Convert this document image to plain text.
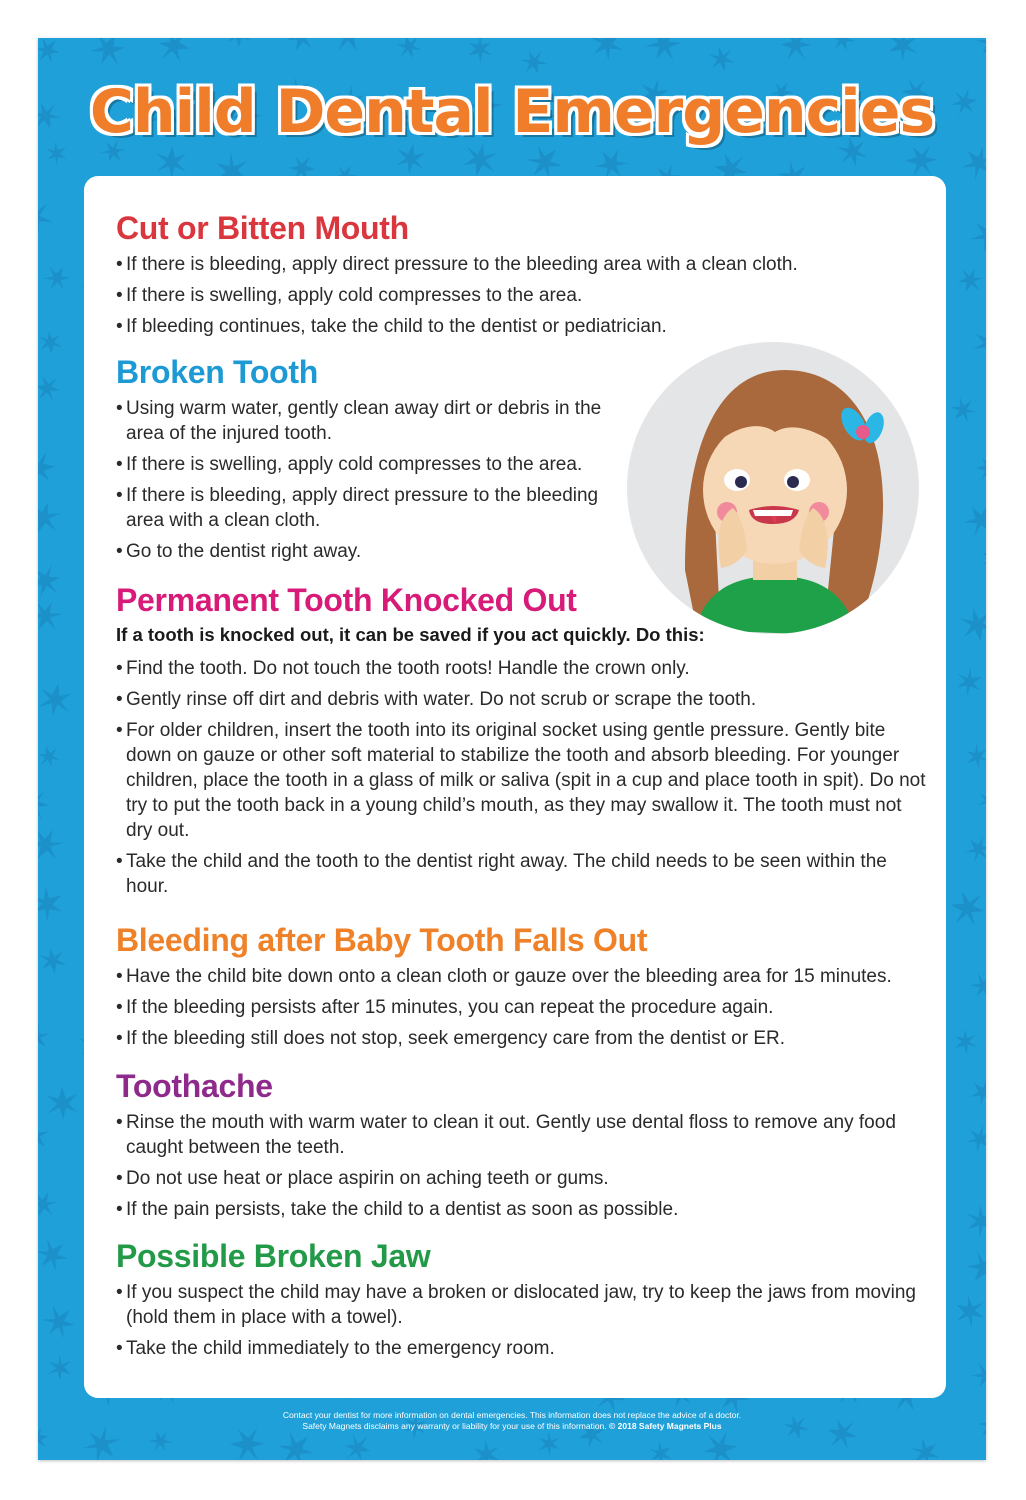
Child Dental Emergencies
Cut or Bitten Mouth
• If there is bleeding, apply direct pressure to the bleeding area with a clean cloth.
• If there is swelling, apply cold compresses to the area.
• If bleeding continues, take the child to the dentist or pediatrician.
Broken Tooth
• Using warm water, gently clean away dirt or debris in the area of the injured tooth.
• If there is swelling, apply cold compresses to the area.
• If there is bleeding, apply direct pressure to the bleeding area with a clean cloth.
• Go to the dentist right away.
Permanent Tooth Knocked Out
If a tooth is knocked out, it can be saved if you act quickly. Do this:
• Find the tooth. Do not touch the tooth roots! Handle the crown only.
• Gently rinse off dirt and debris with water. Do not scrub or scrape the tooth.
• For older children, insert the tooth into its original socket using gentle pressure. Gently bite down on gauze or other soft material to stabilize the tooth and absorb bleeding. For younger children, place the tooth in a glass of milk or saliva (spit in a cup and place tooth in spit). Do not try to put the tooth back in a young child’s mouth, as they may swallow it. The tooth must not dry out.
• Take the child and the tooth to the dentist right away. The child needs to be seen within the hour.
Bleeding after Baby Tooth Falls Out
• Have the child bite down onto a clean cloth or gauze over the bleeding area for 15 minutes.
• If the bleeding persists after 15 minutes, you can repeat the procedure again.
• If the bleeding still does not stop, seek emergency care from the dentist or ER.
Toothache
• Rinse the mouth with warm water to clean it out. Gently use dental floss to remove any food caught between the teeth.
• Do not use heat or place aspirin on aching teeth or gums.
• If the pain persists, take the child to a dentist as soon as possible.
Possible Broken Jaw
• If you suspect the child may have a broken or dislocated jaw, try to keep the jaws from moving (hold them in place with a towel).
• Take the child immediately to the emergency room.
Contact your dentist for more information on dental emergencies. This information does not replace the advice of a doctor.
Safety Magnets disclaims any warranty or liability for your use of this information. © 2018 Safety Magnets Plus
